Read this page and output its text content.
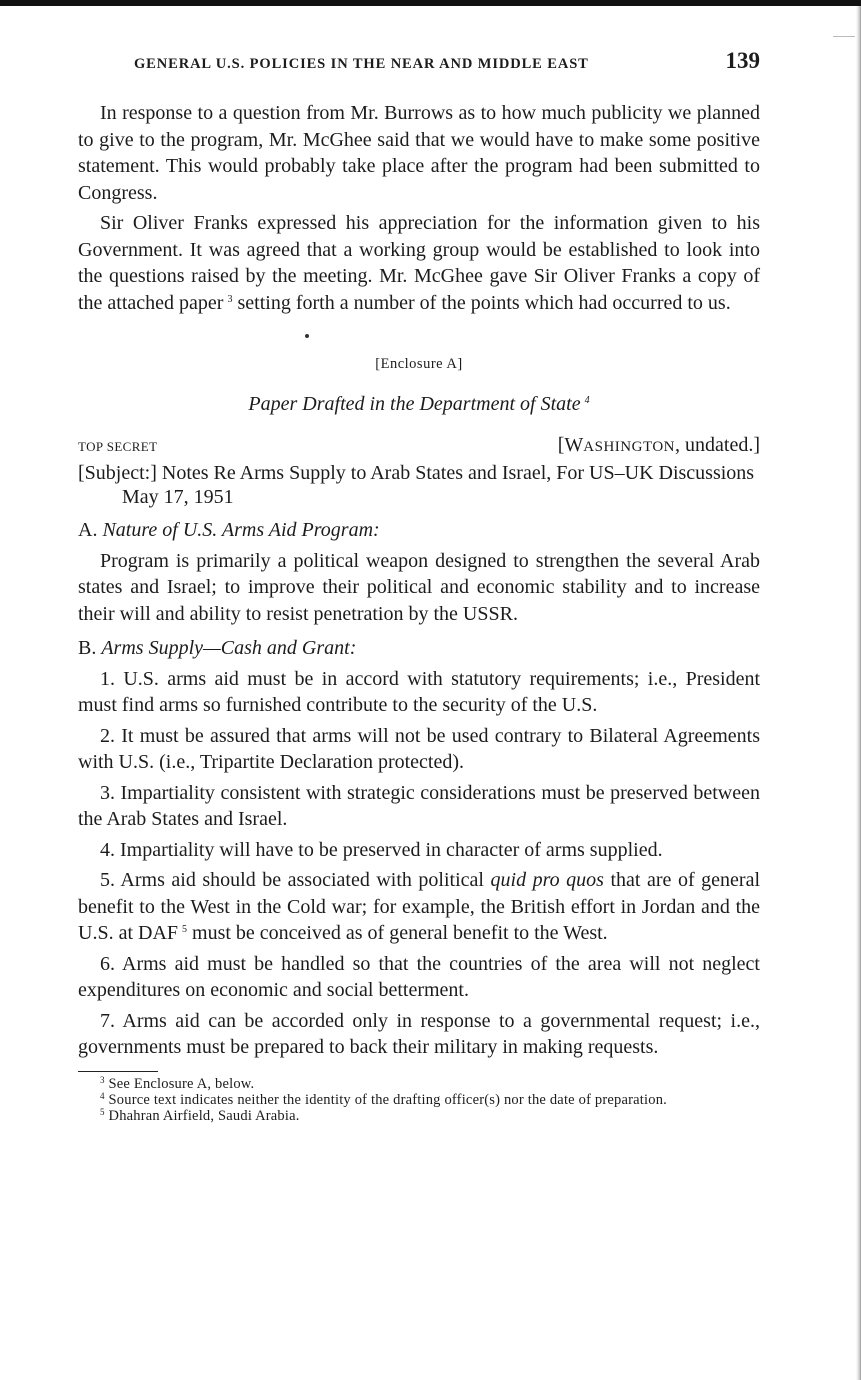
GENERAL U.S. POLICIES IN THE NEAR AND MIDDLE EAST	139

In response to a question from Mr. Burrows as to how much publicity we planned to give to the program, Mr. McGhee said that we would have to make some positive statement. This would probably take place after the program had been submitted to Congress.

Sir Oliver Franks expressed his appreciation for the information given to his Government. It was agreed that a working group would be established to look into the questions raised by the meeting. Mr. McGhee gave Sir Oliver Franks a copy of the attached paper  $^3$ setting forth a number of the points which had occurred to us.

[Enclosure A]
Paper Drafted in the Department of State  $^4$
TOP SECRET	[WASHINGTON, undated.]

[Subject:] Notes Re Arms Supply to Arab States and Israel, For US–UK Discussions May 17, 1951

A. Nature of U.S. Arms Aid Program:

Program is primarily a political weapon designed to strengthen the several Arab states and Israel; to improve their political and economic stability and to increase their will and ability to resist penetration by the USSR.

B. Arms Supply—Cash and Grant:

1. U.S. arms aid must be in accord with statutory requirements; i.e., President must find arms so furnished contribute to the security of the U.S.

2. It must be assured that arms will not be used contrary to Bilateral Agreements with U.S. (i.e., Tripartite Declaration protected).

3. Impartiality consistent with strategic considerations must be preserved between the Arab States and Israel.

4. Impartiality will have to be preserved in character of arms supplied.

5. Arms aid should be associated with political quid pro quos that are of general benefit to the West in the Cold war; for example, the British effort in Jordan and the U.S. at DAF  $^5$ must be conceived as of general benefit to the West.

6. Arms aid must be handled so that the countries of the area will not neglect expenditures on economic and social betterment.

7. Arms aid can be accorded only in response to a governmental request; i.e., governments must be prepared to back their military in making requests.

$^3$ See Enclosure A, below.
$^4$ Source text indicates neither the identity of the drafting officer(s) nor the date of preparation.
$^5$ Dhahran Airfield, Saudi Arabia.
